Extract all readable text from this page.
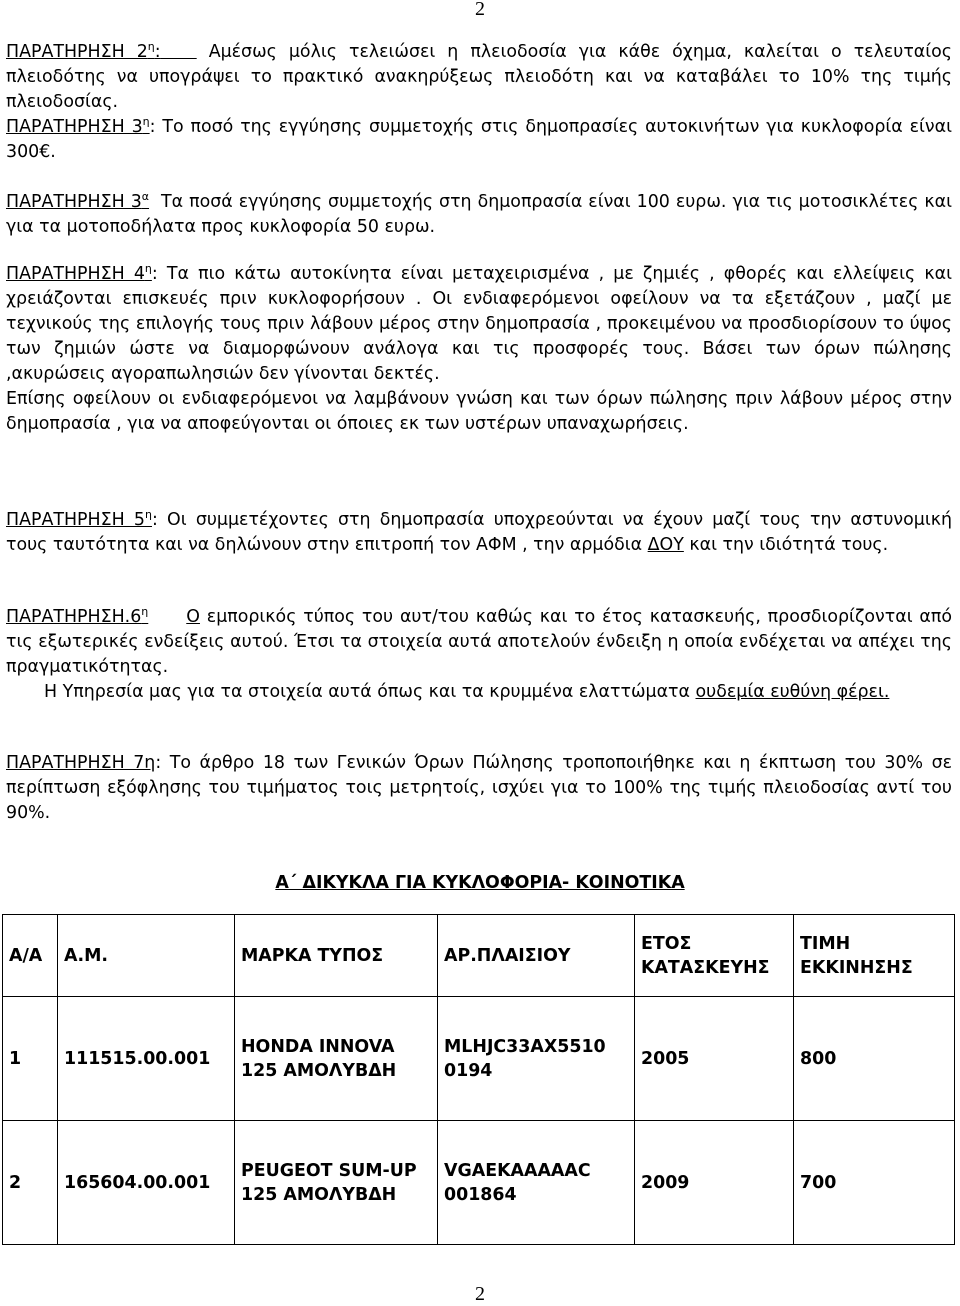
2

ΠΑΡΑΤΗΡΗΣΗ $2^\eta$:	Αμέσως μόλις τελειώσει η πλειοδοσία για κάθε όχημα, καλείται ο τελευταίος πλειοδότης να υπογράψει το πρακτικό ανακηρύξεως πλειοδότη και να καταβάλει το 10% της τιμής πλειοδοσίας.

ΠΑΡΑΤΗΡΗΣΗ $3^\eta$: Το ποσό της εγγύησης συμμετοχής στις δημοπρασίες αυτοκινήτων για κυκλοφορία είναι 300€.

ΠΑΡΑΤΗΡΗΣΗ $3^\alpha$ Τα ποσά εγγύησης συμμετοχής στη δημοπρασία είναι 100 ευρω. για τις μοτοσικλέτες και για τα μοτοποδήλατα προς κυκλοφορία 50 ευρω.

ΠΑΡΑΤΗΡΗΣΗ $4^\eta$: Τα πιο κάτω αυτοκίνητα είναι μεταχειρισμένα , με ζημιές , φθορές και ελλείψεις και χρειάζονται επισκευές πριν κυκλοφορήσουν . Οι ενδιαφερόμενοι οφείλουν να τα εξετάζουν , μαζί με τεχνικούς της επιλογής τους πριν λάβουν μέρος στην δημοπρασία , προκειμένου να προσδιορίσουν το ύψος των ζημιών ώστε να διαμορφώνουν ανάλογα και τις προσφορές τους. Βάσει των όρων πώλησης ,ακυρώσεις αγοραπωλησιών δεν γίνονται δεκτές.

Επίσης οφείλουν οι ενδιαφερόμενοι να λαμβάνουν γνώση και των όρων πώλησης πριν λάβουν μέρος στην δημοπρασία , για να αποφεύγονται οι όποιες εκ των υστέρων υπαναχωρήσεις.

ΠΑΡΑΤΗΡΗΣΗ $5^\eta$: Οι συμμετέχοντες στη δημοπρασία υποχρεούνται να έχουν μαζί τους την αστυνομική τους ταυτότητα και να δηλώνουν στην επιτροπή τον ΑΦΜ , την αρμόδια ΔΟΥ και την ιδιότητά τους.

$\Pi APATHPH\Sigma H.6^\eta$ Ο εμπορικός τύπος του αυτ/του καθώς και το έτος κατασκευής, προσδιορίζονται από τις εξωτερικές ενδείξεις αυτού. Έτσι τα στοιχεία αυτά αποτελούν ένδειξη η οποία ενδέχεται να απέχει της πραγματικότητας.

Η Υπηρεσία μας για τα στοιχεία αυτά όπως και τα κρυμμένα ελαττώματα ουδεμία ευθύνη φέρει.

ΠΑΡΑΤΗΡΗΣΗ 7η: Το άρθρο 18 των Γενικών Όρων Πώλησης τροποποιήθηκε και η έκπτωση του 30% σε περίπτωση εξόφλησης του τιμήματος τοις μετρητοίς, ισχύει για το 100% της τιμής πλειοδοσίας αντί του 90%.

Α΄ ΔΙΚΥΚΛΑ ΓΙΑ ΚΥΚΛΟΦΟΡΙΑ- ΚΟΙΝΟΤΙΚΑ
Α/Α	Α.Μ.	ΜΑΡΚΑ ΤΥΠΟΣ	ΑΡ.ΠΛΑΙΣΙΟΥ	ΕΤΟΣ ΚΑΤΑΣΚΕΥΗΣ	ΤΙΜΗ ΕΚΚΙΝΗΣΗΣ
1	111515.00.001	HONDA INNOVA 125 ΑΜΟΛΥΒΔΗ	MLHJC33AX5510 0194	2005	800
2	165604.00.001	PEUGEOT SUM-UP 125 ΑΜΟΛΥΒΔΗ	VGAEKAAAAAC 001864	2009	700
2
